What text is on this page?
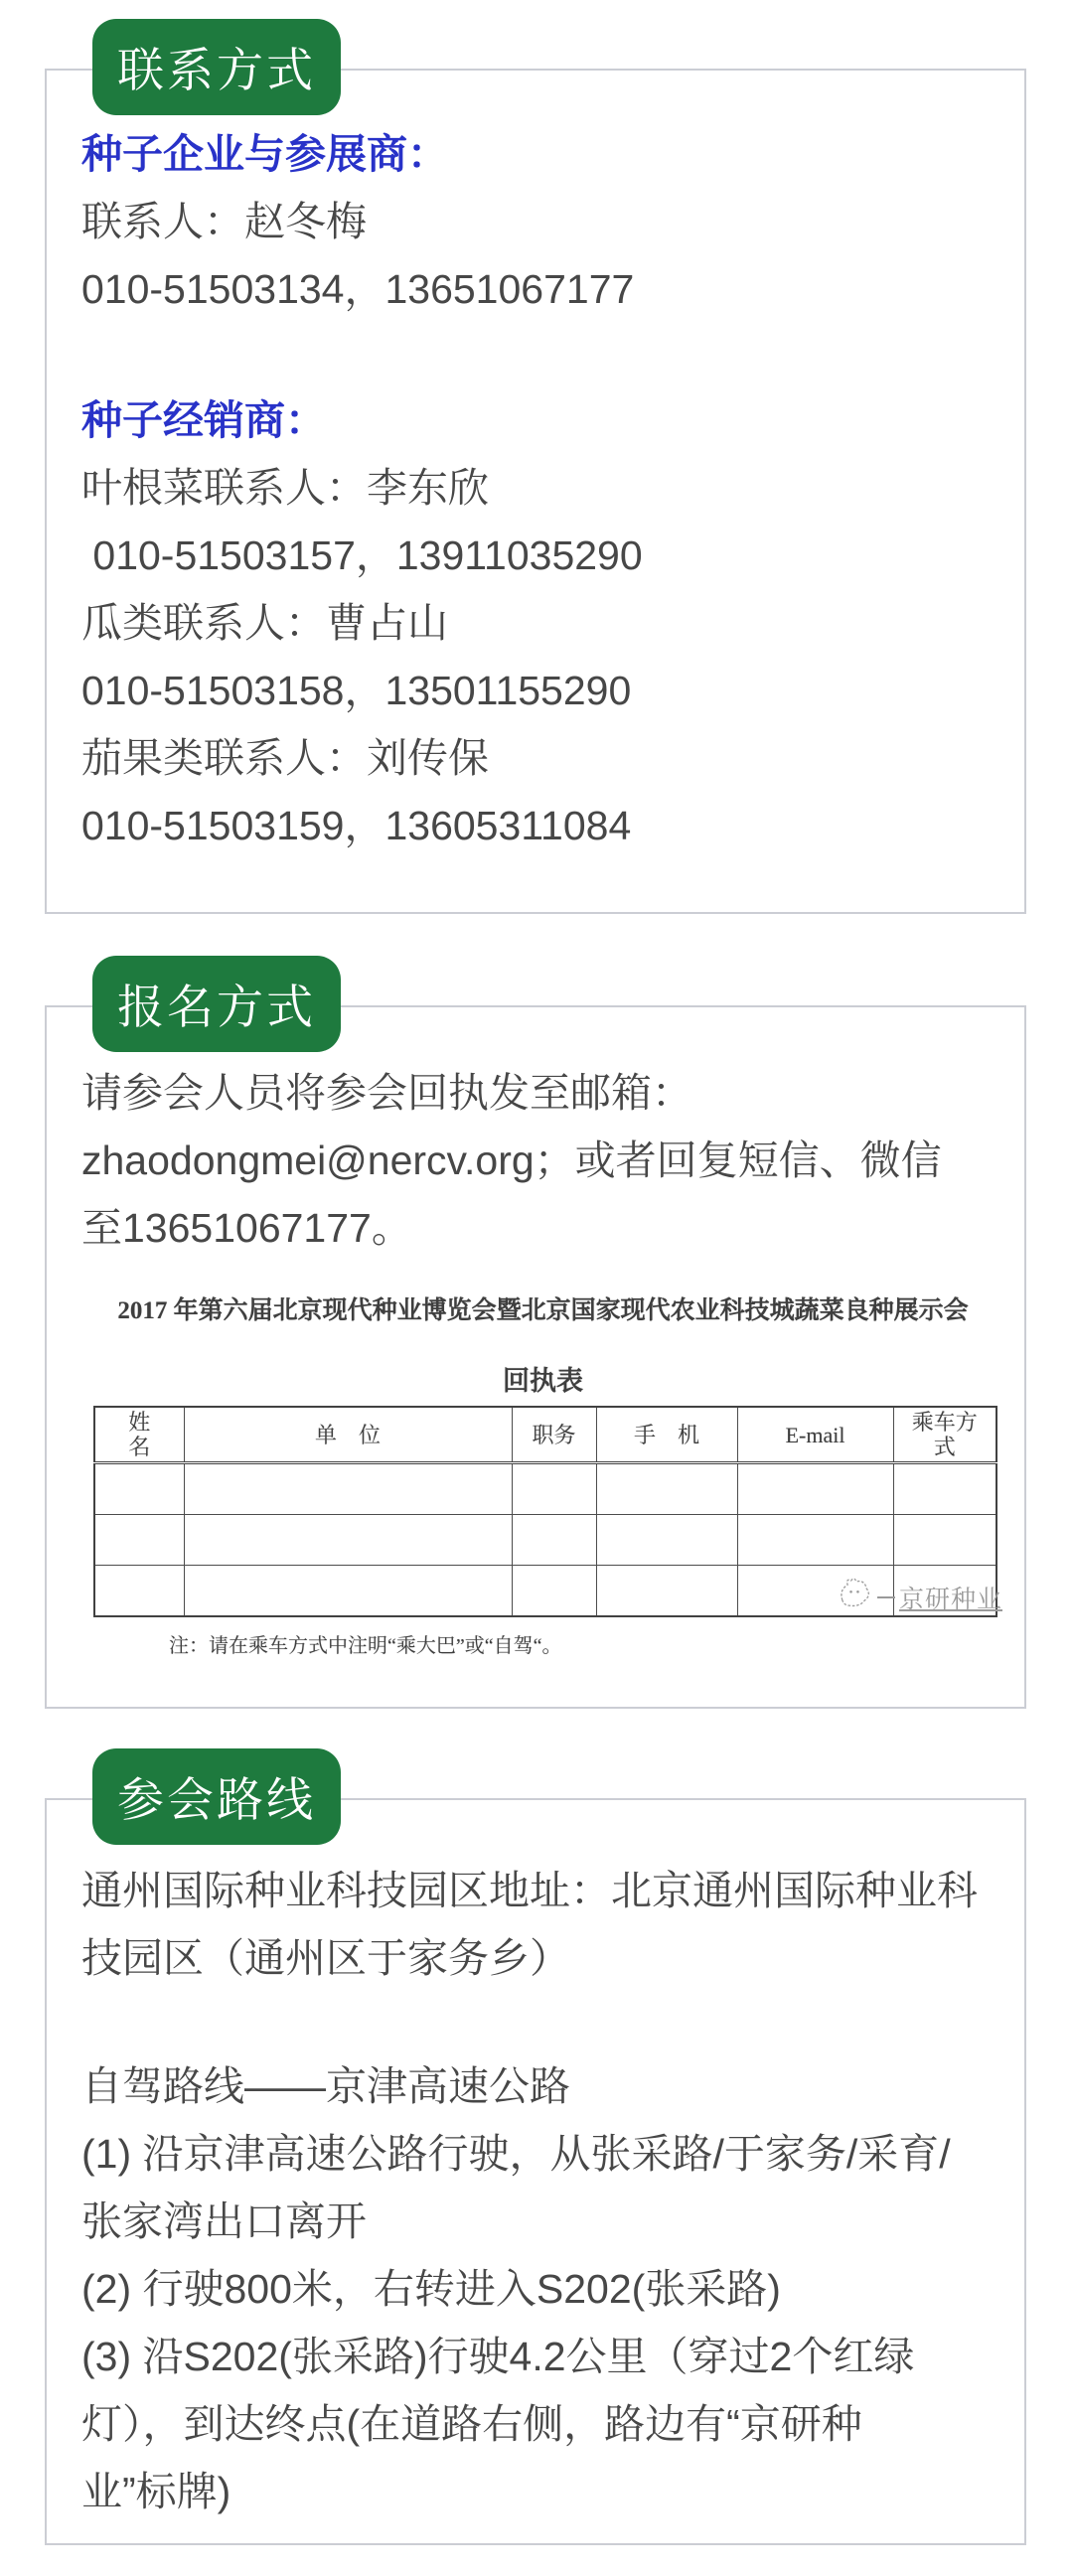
联系方式

种子企业与参展商：

联系人：赵冬梅

010-51503134，13651067177

种子经销商：

叶根菜联系人：李东欣

010-51503157，13911035290

瓜类联系人：曹占山

010-51503158，13501155290

茄果类联系人：刘传保

010-51503159，13605311084

报名方式

请参会人员将参会回执发至邮箱：

zhaodongmei@nercv.org；或者回复短信、微信

至13651067177。

2017 年第六届北京现代种业博览会暨北京国家现代农业科技城蔬菜良种展示会
回执表
姓名	单　位	职务	手　机	E-mail	乘车方式

注：请在乘车方式中注明“乘大巴”或“自驾“。
京研种业
参会路线

通州国际种业科技园区地址：北京通州国际种业科

技园区（通州区于家务乡）

自驾路线——京津高速公路

(1) 沿京津高速公路行驶，从张采路/于家务/采育/

张家湾出口离开

(2) 行驶800米，右转进入S202(张采路)

(3) 沿S202(张采路)行驶4.2公里（穿过2个红绿

灯），到达终点(在道路右侧，路边有“京研种

业”标牌)
